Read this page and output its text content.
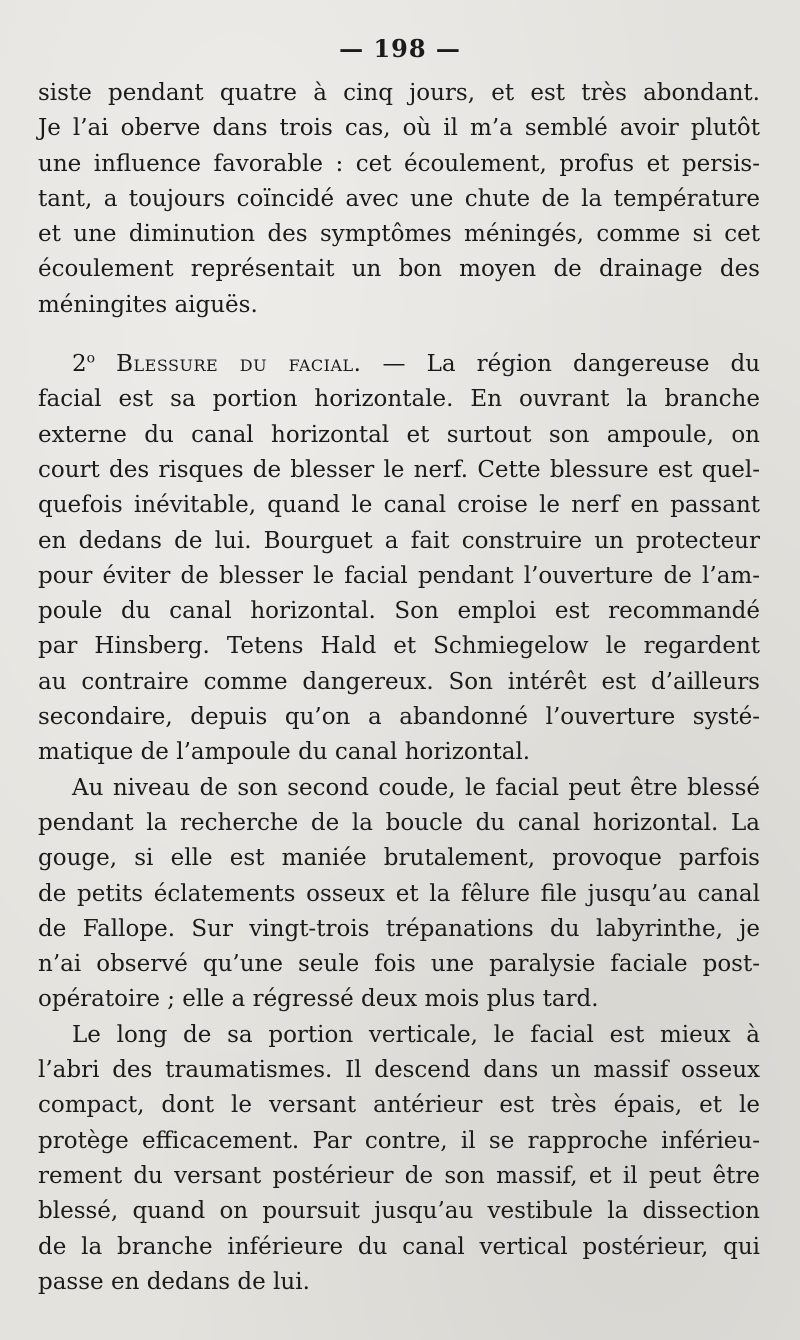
— 198 —
siste pendant quatre à cinq jours, et est très abondant.
Je l’ai oberve dans trois cas, où il m’a semblé avoir plutôt
une influence favorable : cet écoulement, profus et persis-
tant, a toujours coïncidé avec une chute de la température
et une diminution des symptômes méningés, comme si cet
écoulement représentait un bon moyen de drainage des
méningites aiguës.
2$^o$ Blessure du facial. — La région dangereuse du
facial est sa portion horizontale. En ouvrant la branche
externe du canal horizontal et surtout son ampoule, on
court des risques de blesser le nerf. Cette blessure est quel-
quefois inévitable, quand le canal croise le nerf en passant
en dedans de lui. Bourguet a fait construire un protecteur
pour éviter de blesser le facial pendant l’ouverture de l’am-
poule du canal horizontal. Son emploi est recommandé
par Hinsberg. Tetens Hald et Schmiegelow le regardent
au contraire comme dangereux. Son intérêt est d’ailleurs
secondaire, depuis qu’on a abandonné l’ouverture systé-
matique de l’ampoule du canal horizontal.
Au niveau de son second coude, le facial peut être blessé
pendant la recherche de la boucle du canal horizontal. La
gouge, si elle est maniée brutalement, provoque parfois
de petits éclatements osseux et la fêlure file jusqu’au canal
de Fallope. Sur vingt-trois trépanations du labyrinthe, je
n’ai observé qu’une seule fois une paralysie faciale post-
opératoire ; elle a régressé deux mois plus tard.
Le long de sa portion verticale, le facial est mieux à
l’abri des traumatismes. Il descend dans un massif osseux
compact, dont le versant antérieur est très épais, et le
protège efficacement. Par contre, il se rapproche inférieu-
rement du versant postérieur de son massif, et il peut être
blessé, quand on poursuit jusqu’au vestibule la dissection
de la branche inférieure du canal vertical postérieur, qui
passe en dedans de lui.
